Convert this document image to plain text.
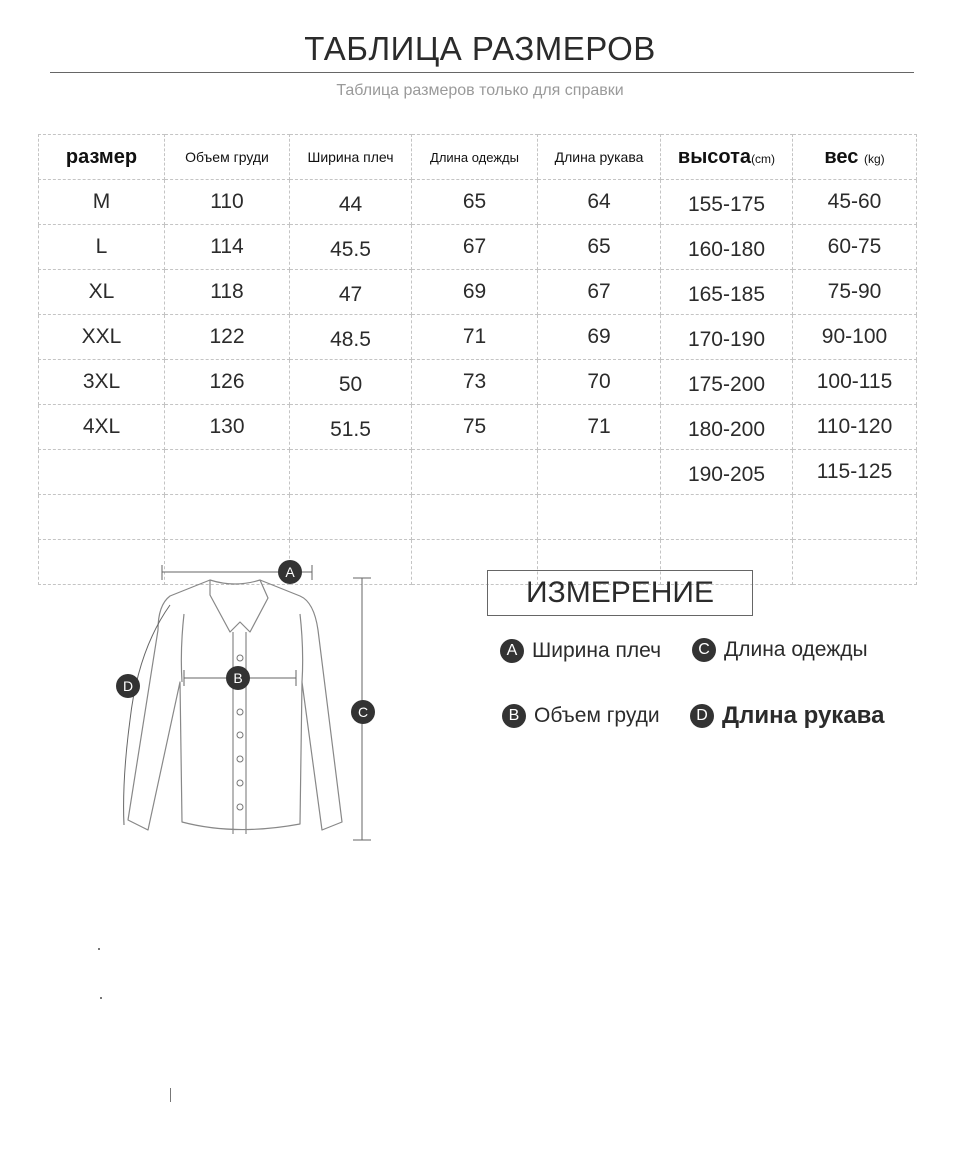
ТАБЛИЦА РАЗМЕРОВ
Таблица размеров только для справки
размер	Объем груди	Ширина плеч	Длина одежды	Длина рукава	высота(cm)	вес (kg)
M	110	44	65	64	155-175	45-60
L	114	45.5	67	65	160-180	60-75
XL	118	47	69	67	165-185	75-90
XXL	122	48.5	71	69	170-190	90-100
3XL	126	50	73	70	175-200	100-115
4XL	130	51.5	75	71	180-200	110-120
					190-205	115-125

A
B
C
D
ИЗМЕРЕНИЕ
A Ширина плеч	C Длина одежды
B Объем груди	D Длина рукава
